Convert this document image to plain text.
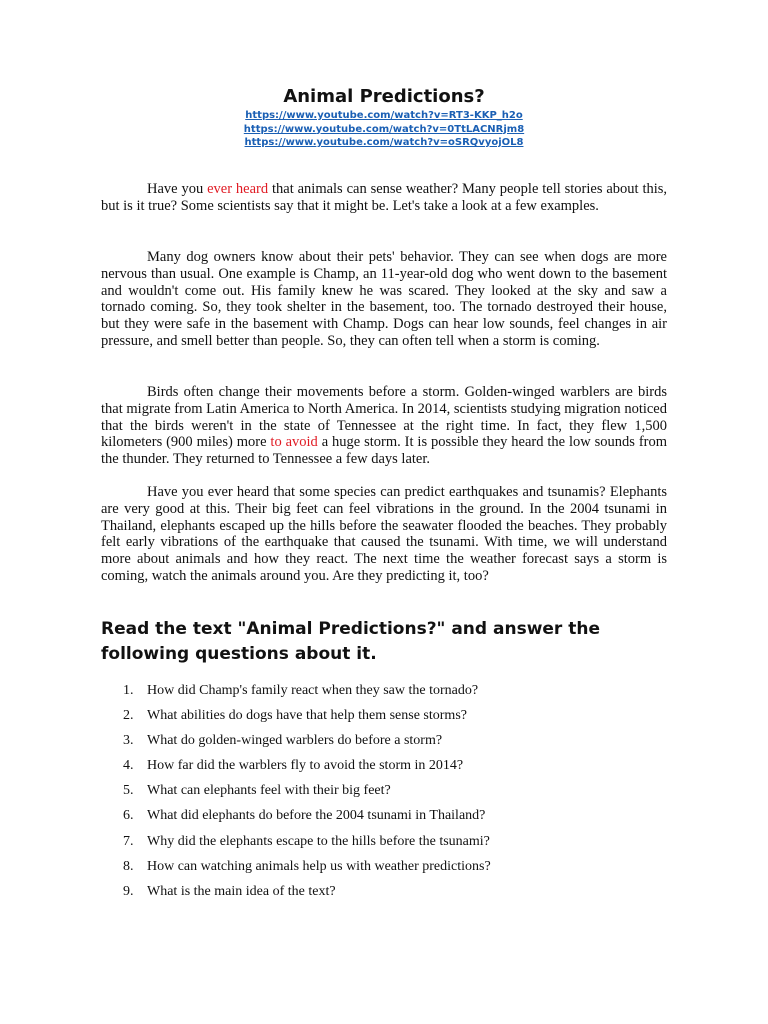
Animal Predictions?
https://www.youtube.com/watch?v=RT3-KKP_h2o
https://www.youtube.com/watch?v=0TtLACNRjm8
https://www.youtube.com/watch?v=oSRQvyojOL8

Have you ever heard that animals can sense weather? Many people tell stories about this, but is it true? Some scientists say that it might be. Let's take a look at a few examples.

Many dog owners know about their pets' behavior. They can see when dogs are more nervous than usual. One example is Champ, an 11-year-old dog who went down to the basement and wouldn't come out. His family knew he was scared. They looked at the sky and saw a tornado coming. So, they took shelter in the basement, too. The tornado destroyed their house, but they were safe in the basement with Champ. Dogs can hear low sounds, feel changes in air pressure, and smell better than people. So, they can often tell when a storm is coming.

Birds often change their movements before a storm. Golden-winged warblers are birds that migrate from Latin America to North America. In 2014, scientists studying migration noticed that the birds weren't in the state of Tennessee at the right time. In fact, they flew 1,500 kilometers (900 miles) more to avoid a huge storm. It is possible they heard the low sounds from the thunder. They returned to Tennessee a few days later.

Have you ever heard that some species can predict earthquakes and tsunamis? Elephants are very good at this. Their big feet can feel vibrations in the ground. In the 2004 tsunami in Thailand, elephants escaped up the hills before the seawater flooded the beaches. They probably felt early vibrations of the earthquake that caused the tsunami. With time, we will understand more about animals and how they react. The next time the weather forecast says a storm is coming, watch the animals around you. Are they predicting it, too?

Read the text "Animal Predictions?" and answer the following questions about it.
1. How did Champ's family react when they saw the tornado?
2. What abilities do dogs have that help them sense storms?
3. What do golden-winged warblers do before a storm?
4. How far did the warblers fly to avoid the storm in 2014?
5. What can elephants feel with their big feet?
6. What did elephants do before the 2004 tsunami in Thailand?
7. Why did the elephants escape to the hills before the tsunami?
8. How can watching animals help us with weather predictions?
9. What is the main idea of the text?
